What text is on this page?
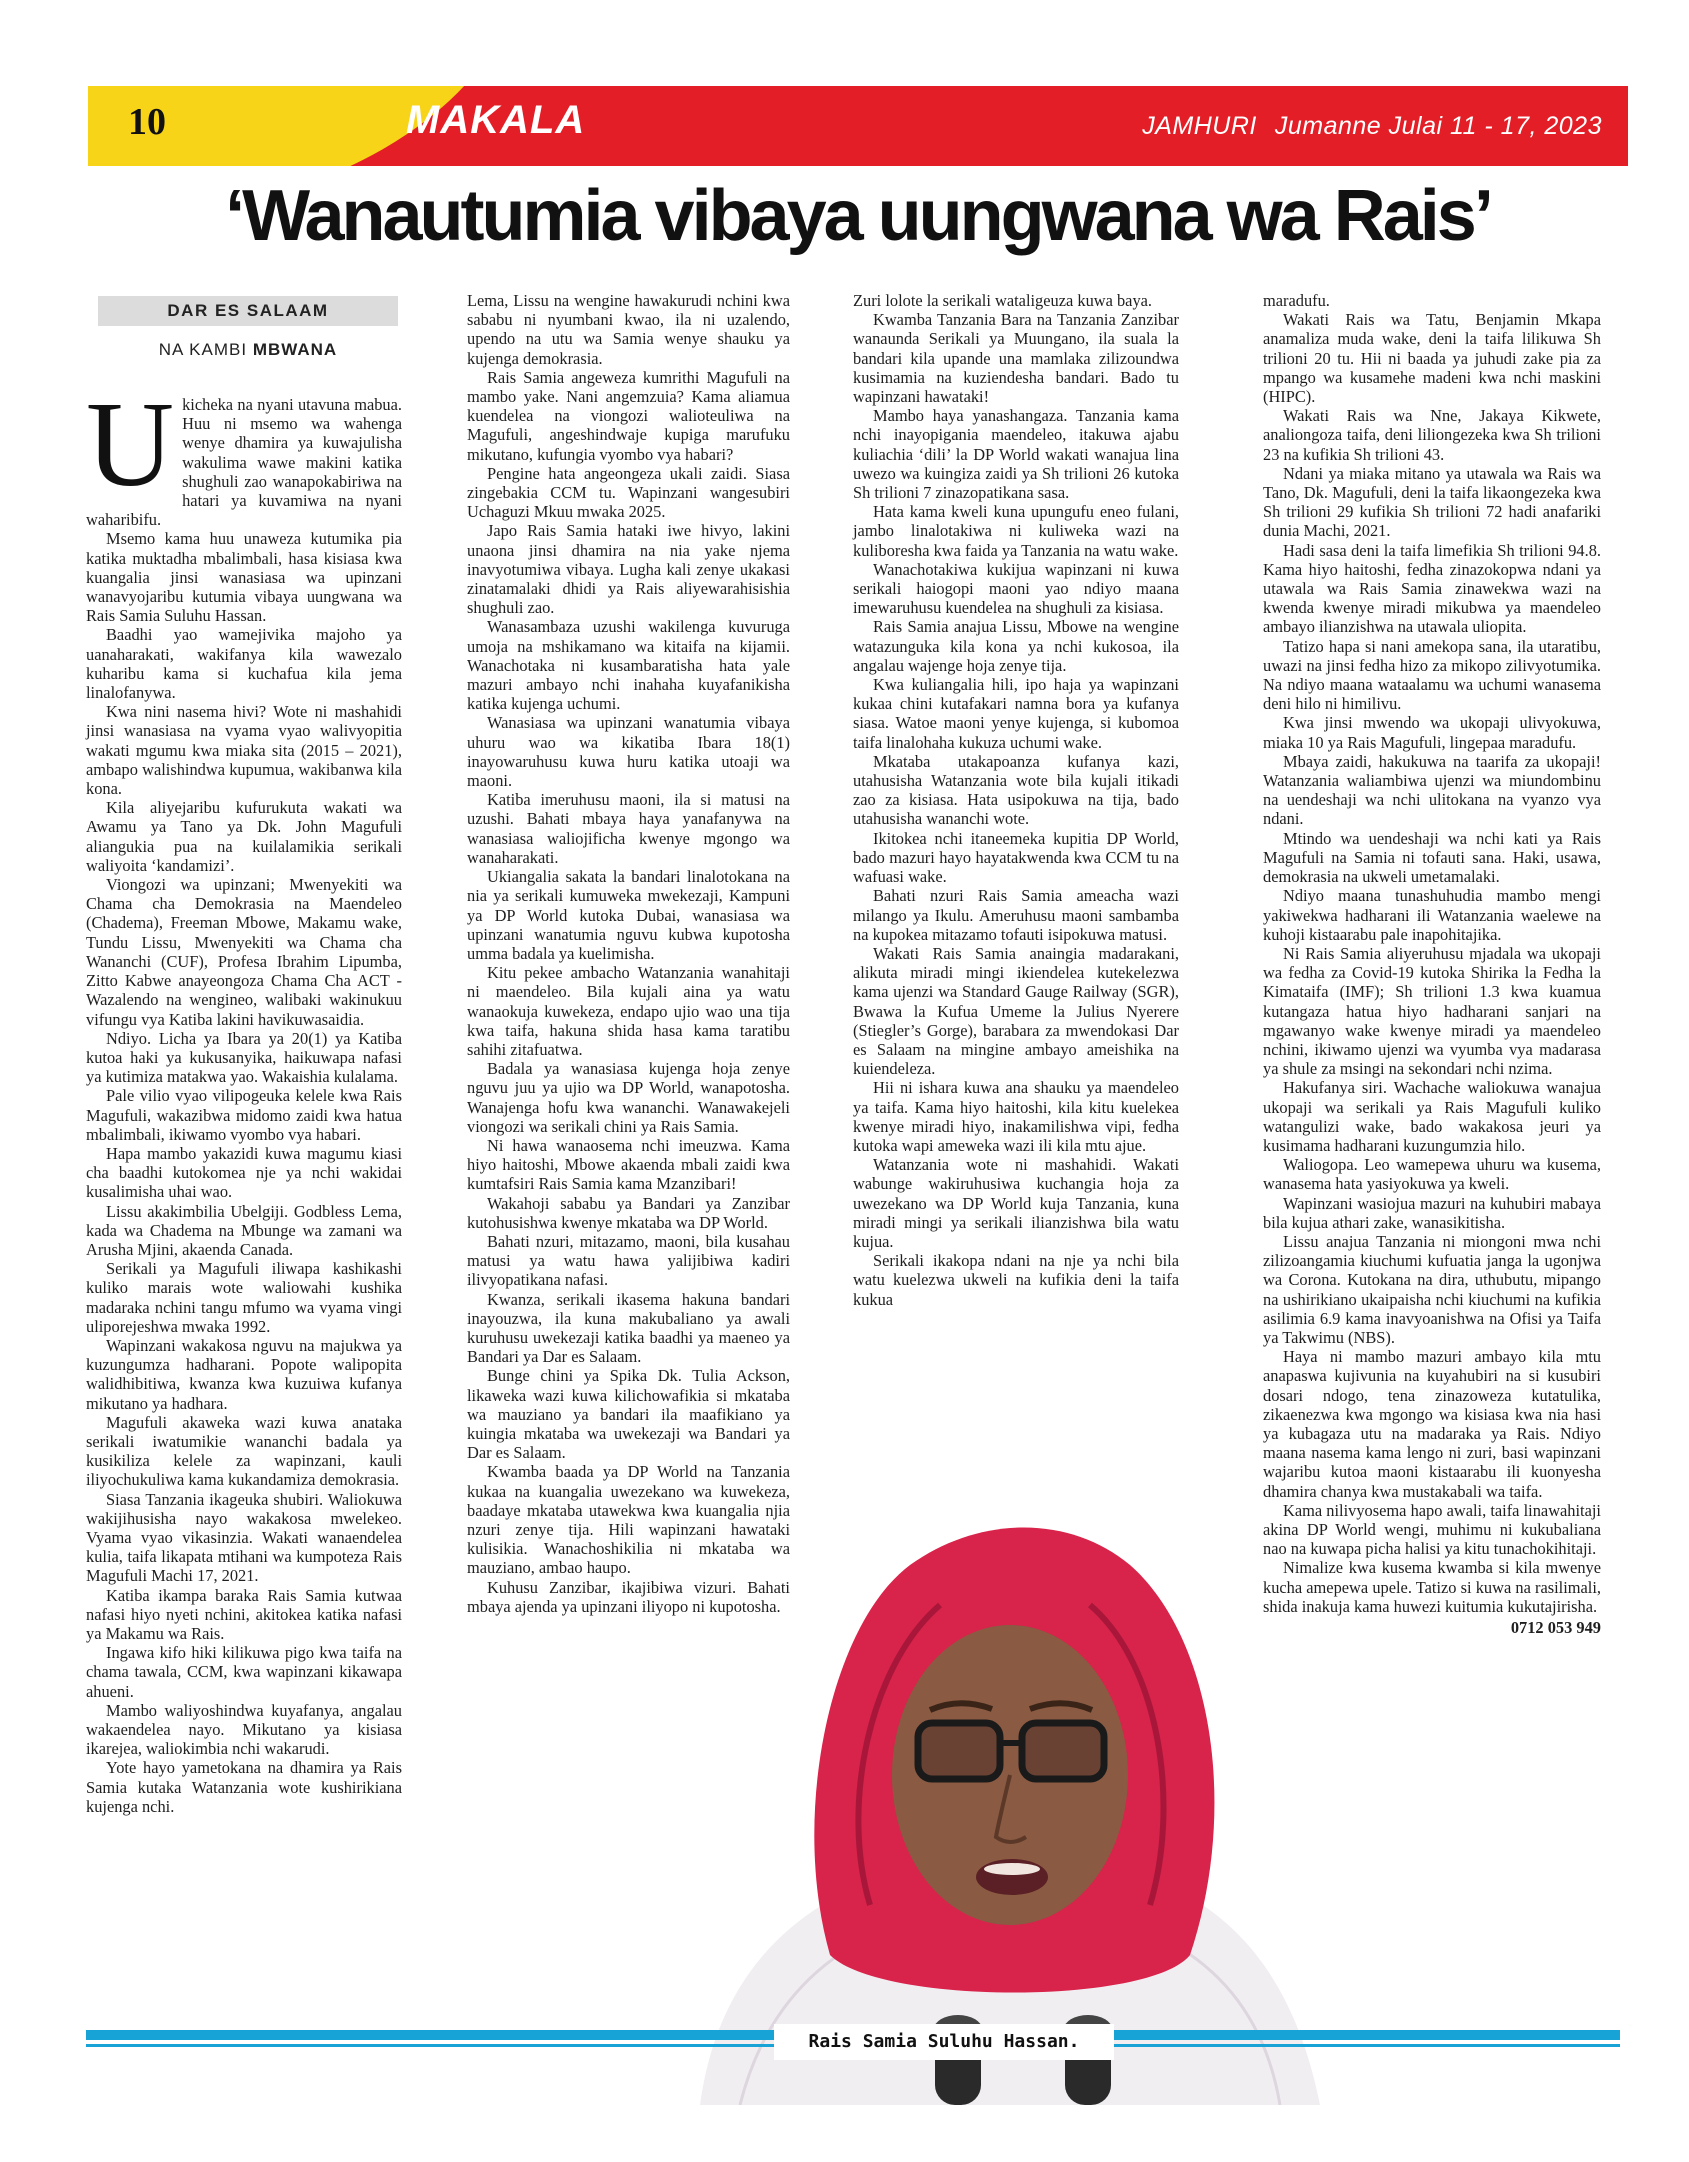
10	MAKALA	JAMHURI Jumanne Julai 11 - 17, 2023
‘Wanautumia vibaya uungwana wa Rais’
DAR ES SALAAM
NA KAMBI MBWANA
U kicheka na nyani utavuna mabua. Huu ni msemo wa wahenga wenye dhamira ya kuwajulisha wakulima wawe makini katika shughuli zao wanapokabiriwa na hatari ya kuvamiwa na nyani waharibifu.

Msemo kama huu unaweza kutumika pia katika muktadha mbalimbali, hasa kisiasa kwa kuangalia jinsi wanasiasa wa upinzani wanavyojaribu kutumia vibaya uungwana wa Rais Samia Suluhu Hassan.

Baadhi yao wamejivika majoho ya uanaharakati, wakifanya kila wawezalo kuharibu kama si kuchafua kila jema linalofanywa.

Kwa nini nasema hivi? Wote ni mashahidi jinsi wanasiasa na vyama vyao walivyopitia wakati mgumu kwa miaka sita (2015 – 2021), ambapo walishindwa kupumua, wakibanwa kila kona.

Kila aliyejaribu kufurukuta wakati wa Awamu ya Tano ya Dk. John Magufuli aliangukia pua na kuilalamikia serikali waliyoita ‘kandamizi’.

Viongozi wa upinzani; Mwenyekiti wa Chama cha Demokrasia na Maendeleo (Chadema), Freeman Mbowe, Makamu wake, Tundu Lissu, Mwenyekiti wa Chama cha Wananchi (CUF), Profesa Ibrahim Lipumba, Zitto Kabwe anayeongoza Chama Cha ACT - Wazalendo na wengineo, walibaki wakinukuu vifungu vya Katiba lakini havikuwasaidia.

Ndiyo. Licha ya Ibara ya 20(1) ya Katiba kutoa haki ya kukusanyika, haikuwapa nafasi ya kutimiza matakwa yao. Wakaishia kulalama.

Pale vilio vyao vilipogeuka kelele kwa Rais Magufuli, wakazibwa midomo zaidi kwa hatua mbalimbali, ikiwamo vyombo vya habari.

Hapa mambo yakazidi kuwa magumu kiasi cha baadhi kutokomea nje ya nchi wakidai kusalimisha uhai wao.

Lissu akakimbilia Ubelgiji. Godbless Lema, kada wa Chadema na Mbunge wa zamani wa Arusha Mjini, akaenda Canada.

Serikali ya Magufuli iliwapa kashikashi kuliko marais wote waliowahi kushika madaraka nchini tangu mfumo wa vyama vingi uliporejeshwa mwaka 1992.

Wapinzani wakakosa nguvu na majukwa ya kuzungumza hadharani. Popote walipopita walidhibitiwa, kwanza kwa kuzuiwa kufanya mikutano ya hadhara.

Magufuli akaweka wazi kuwa anataka serikali iwatumikie wananchi badala ya kusikiliza kelele za wapinzani, kauli iliyochukuliwa kama kukandamiza demokrasia.

Siasa Tanzania ikageuka shubiri. Waliokuwa wakijihusisha nayo wakakosa mwelekeo. Vyama vyao vikasinzia. Wakati wanaendelea kulia, taifa likapata mtihani wa kumpoteza Rais Magufuli Machi 17, 2021.

Katiba ikampa baraka Rais Samia kutwaa nafasi hiyo nyeti nchini, akitokea katika nafasi ya Makamu wa Rais.

Ingawa kifo hiki kilikuwa pigo kwa taifa na chama tawala, CCM, kwa wapinzani kikawapa ahueni.

Mambo waliyoshindwa kuyafanya, angalau wakaendelea nayo. Mikutano ya kisiasa ikarejea, waliokimbia nchi wakarudi.

Yote hayo yametokana na dhamira ya Rais Samia kutaka Watanzania wote kushirikiana kujenga nchi.

Lema, Lissu na wengine hawakurudi nchini kwa sababu ni nyumbani kwao, ila ni uzalendo, upendo na utu wa Samia wenye shauku ya kujenga demokrasia.

Rais Samia angeweza kumrithi Magufuli na mambo yake. Nani angemzuia? Kama aliamua kuendelea na viongozi walioteuliwa na Magufuli, angeshindwaje kupiga marufuku mikutano, kufungia vyombo vya habari?

Pengine hata angeongeza ukali zaidi. Siasa zingebakia CCM tu. Wapinzani wangesubiri Uchaguzi Mkuu mwaka 2025.

Japo Rais Samia hataki iwe hivyo, lakini unaona jinsi dhamira na nia yake njema inavyotumiwa vibaya. Lugha kali zenye ukakasi zinatamalaki dhidi ya Rais aliyewarahisishia shughuli zao.

Wanasambaza uzushi wakilenga kuvuruga umoja na mshikamano wa kitaifa na kijamii. Wanachotaka ni kusambaratisha hata yale mazuri ambayo nchi inahaha kuyafanikisha katika kujenga uchumi.

Wanasiasa wa upinzani wanatumia vibaya uhuru wao wa kikatiba Ibara 18(1) inayowaruhusu kuwa huru katika utoaji wa maoni.

Katiba imeruhusu maoni, ila si matusi na uzushi. Bahati mbaya haya yanafanywa na wanasiasa waliojificha kwenye mgongo wa wanaharakati.

Ukiangalia sakata la bandari linalotokana na nia ya serikali kumuweka mwekezaji, Kampuni ya DP World kutoka Dubai, wanasiasa wa upinzani wanatumia nguvu kubwa kupotosha umma badala ya kuelimisha.

Kitu pekee ambacho Watanzania wanahitaji ni maendeleo. Bila kujali aina ya watu wanaokuja kuwekeza, endapo ujio wao una tija kwa taifa, hakuna shida hasa kama taratibu sahihi zitafuatwa.

Badala ya wanasiasa kujenga hoja zenye nguvu juu ya ujio wa DP World, wanapotosha. Wanajenga hofu kwa wananchi. Wanawakejeli viongozi wa serikali chini ya Rais Samia.

Ni hawa wanaosema nchi imeuzwa. Kama hiyo haitoshi, Mbowe akaenda mbali zaidi kwa kumtafsiri Rais Samia kama Mzanzibari!

Wakahoji sababu ya Bandari ya Zanzibar kutohusishwa kwenye mkataba wa DP World.

Bahati nzuri, mitazamo, maoni, bila kusahau matusi ya watu hawa yalijibiwa kadiri ilivyopatikana nafasi.

Kwanza, serikali ikasema hakuna bandari inayouzwa, ila kuna makubaliano ya awali kuruhusu uwekezaji katika baadhi ya maeneo ya Bandari ya Dar es Salaam.

Bunge chini ya Spika Dk. Tulia Ackson, likaweka wazi kuwa kilichowafikia si mkataba wa mauziano ya bandari ila maafikiano ya kuingia mkataba wa uwekezaji wa Bandari ya Dar es Salaam.

Kwamba baada ya DP World na Tanzania kukaa na kuangalia uwezekano wa kuwekeza, baadaye mkataba utawekwa kwa kuangalia njia nzuri zenye tija. Hili wapinzani hawataki kulisikia. Wanachoshikilia ni mkataba wa mauziano, ambao haupo.

Kuhusu Zanzibar, ikajibiwa vizuri. Bahati mbaya ajenda ya upinzani iliyopo ni kupotosha.

Zuri lolote la serikali wataligeuza kuwa baya.

Kwamba Tanzania Bara na Tanzania Zanzibar wanaunda Serikali ya Muungano, ila suala la bandari kila upande una mamlaka zilizoundwa kusimamia na kuziendesha bandari. Bado tu wapinzani hawataki!

Mambo haya yanashangaza. Tanzania kama nchi inayopigania maendeleo, itakuwa ajabu kuliachia ‘dili’ la DP World wakati wanajua lina uwezo wa kuingiza zaidi ya Sh trilioni 26 kutoka Sh trilioni 7 zinazopatikana sasa.

Hata kama kweli kuna upungufu eneo fulani, jambo linalotakiwa ni kuliweka wazi na kuliboresha kwa faida ya Tanzania na watu wake.

Wanachotakiwa kukijua wapinzani ni kuwa serikali haiogopi maoni yao ndiyo maana imewaruhusu kuendelea na shughuli za kisiasa.

Rais Samia anajua Lissu, Mbowe na wengine watazunguka kila kona ya nchi kukosoa, ila angalau wajenge hoja zenye tija.

Kwa kuliangalia hili, ipo haja ya wapinzani kukaa chini kutafakari namna bora ya kufanya siasa. Watoe maoni yenye kujenga, si kubomoa taifa linalohaha kukuza uchumi wake.

Mkataba utakapoanza kufanya kazi, utahusisha Watanzania wote bila kujali itikadi zao za kisiasa. Hata usipokuwa na tija, bado utahusisha wananchi wote.

Ikitokea nchi itaneemeka kupitia DP World, bado mazuri hayo hayatakwenda kwa CCM tu na wafuasi wake.

Bahati nzuri Rais Samia ameacha wazi milango ya Ikulu. Ameruhusu maoni sambamba na kupokea mitazamo tofauti isipokuwa matusi.

Wakati Rais Samia anaingia madarakani, alikuta miradi mingi ikiendelea kutekelezwa kama ujenzi wa Standard Gauge Railway (SGR), Bwawa la Kufua Umeme la Julius Nyerere (Stiegler’s Gorge), barabara za mwendokasi Dar es Salaam na mingine ambayo ameishika na kuiendeleza.

Hii ni ishara kuwa ana shauku ya maendeleo ya taifa. Kama hiyo haitoshi, kila kitu kuelekea kwenye miradi hiyo, inakamilishwa vipi, fedha kutoka wapi ameweka wazi ili kila mtu ajue.

Watanzania wote ni mashahidi. Wakati wabunge wakiruhusiwa kuchangia hoja za uwezekano wa DP World kuja Tanzania, kuna miradi mingi ya serikali ilianzishwa bila watu kujua.

Serikali ikakopa ndani na nje ya nchi bila watu kuelezwa ukweli na kufikia deni la taifa kukua

maradufu.

Wakati Rais wa Tatu, Benjamin Mkapa anamaliza muda wake, deni la taifa lilikuwa Sh trilioni 20 tu. Hii ni baada ya juhudi zake pia za mpango wa kusamehe madeni kwa nchi maskini (HIPC).

Wakati Rais wa Nne, Jakaya Kikwete, analiongoza taifa, deni liliongezeka kwa Sh trilioni 23 na kufikia Sh trilioni 43.

Ndani ya miaka mitano ya utawala wa Rais wa Tano, Dk. Magufuli, deni la taifa likaongezeka kwa Sh trilioni 29 kufikia Sh trilioni 72 hadi anafariki dunia Machi, 2021.

Hadi sasa deni la taifa limefikia Sh trilioni 94.8. Kama hiyo haitoshi, fedha zinazokopwa ndani ya utawala wa Rais Samia zinawekwa wazi na kwenda kwenye miradi mikubwa ya maendeleo ambayo ilianzishwa na utawala uliopita.

Tatizo hapa si nani amekopa sana, ila utaratibu, uwazi na jinsi fedha hizo za mikopo zilivyotumika. Na ndiyo maana wataalamu wa uchumi wanasema deni hilo ni himilivu.

Kwa jinsi mwendo wa ukopaji ulivyokuwa, miaka 10 ya Rais Magufuli, lingepaa maradufu.

Mbaya zaidi, hakukuwa na taarifa za ukopaji! Watanzania waliambiwa ujenzi wa miundombinu na uendeshaji wa nchi ulitokana na vyanzo vya ndani.

Mtindo wa uendeshaji wa nchi kati ya Rais Magufuli na Samia ni tofauti sana. Haki, usawa, demokrasia na ukweli umetamalaki.

Ndiyo maana tunashuhudia mambo mengi yakiwekwa hadharani ili Watanzania waelewe na kuhoji kistaarabu pale inapohitajika.

Ni Rais Samia aliyeruhusu mjadala wa ukopaji wa fedha za Covid-19 kutoka Shirika la Fedha la Kimataifa (IMF); Sh trilioni 1.3 kwa kuamua kutangaza hatua hiyo hadharani sanjari na mgawanyo wake kwenye miradi ya maendeleo nchini, ikiwamo ujenzi wa vyumba vya madarasa ya shule za msingi na sekondari nchi nzima.

Hakufanya siri. Wachache waliokuwa wanajua ukopaji wa serikali ya Rais Magufuli kuliko watangulizi wake, bado wakakosa jeuri ya kusimama hadharani kuzungumzia hilo.

Waliogopa. Leo wamepewa uhuru wa kusema, wanasema hata yasiyokuwa ya kweli.

Wapinzani wasiojua mazuri na kuhubiri mabaya bila kujua athari zake, wanasikitisha.

Lissu anajua Tanzania ni miongoni mwa nchi zilizoangamia kiuchumi kufuatia janga la ugonjwa wa Corona. Kutokana na dira, uthubutu, mipango na ushirikiano ukaipaisha nchi kiuchumi na kufikia asilimia 6.9 kama inavyoanishwa na Ofisi ya Taifa ya Takwimu (NBS).

Haya ni mambo mazuri ambayo kila mtu anapaswa kujivunia na kuyahubiri na si kusubiri dosari ndogo, tena zinazoweza kutatulika, zikaenezwa kwa mgongo wa kisiasa kwa nia hasi ya kubagaza utu na madaraka ya Rais. Ndiyo maana nasema kama lengo ni zuri, basi wapinzani wajaribu kutoa maoni kistaarabu ili kuonyesha dhamira chanya kwa mustakabali wa taifa.

Kama nilivyosema hapo awali, taifa linawahitaji akina DP World wengi, muhimu ni kukubaliana nao na kuwapa picha halisi ya kitu tunachokihitaji.

Nimalize kwa kusema kwamba si kila mwenye kucha amepewa upele. Tatizo si kuwa na rasilimali, shida inakuja kama huwezi kuitumia kukutajirisha.

0712 053 949

Rais Samia Suluhu Hassan.
